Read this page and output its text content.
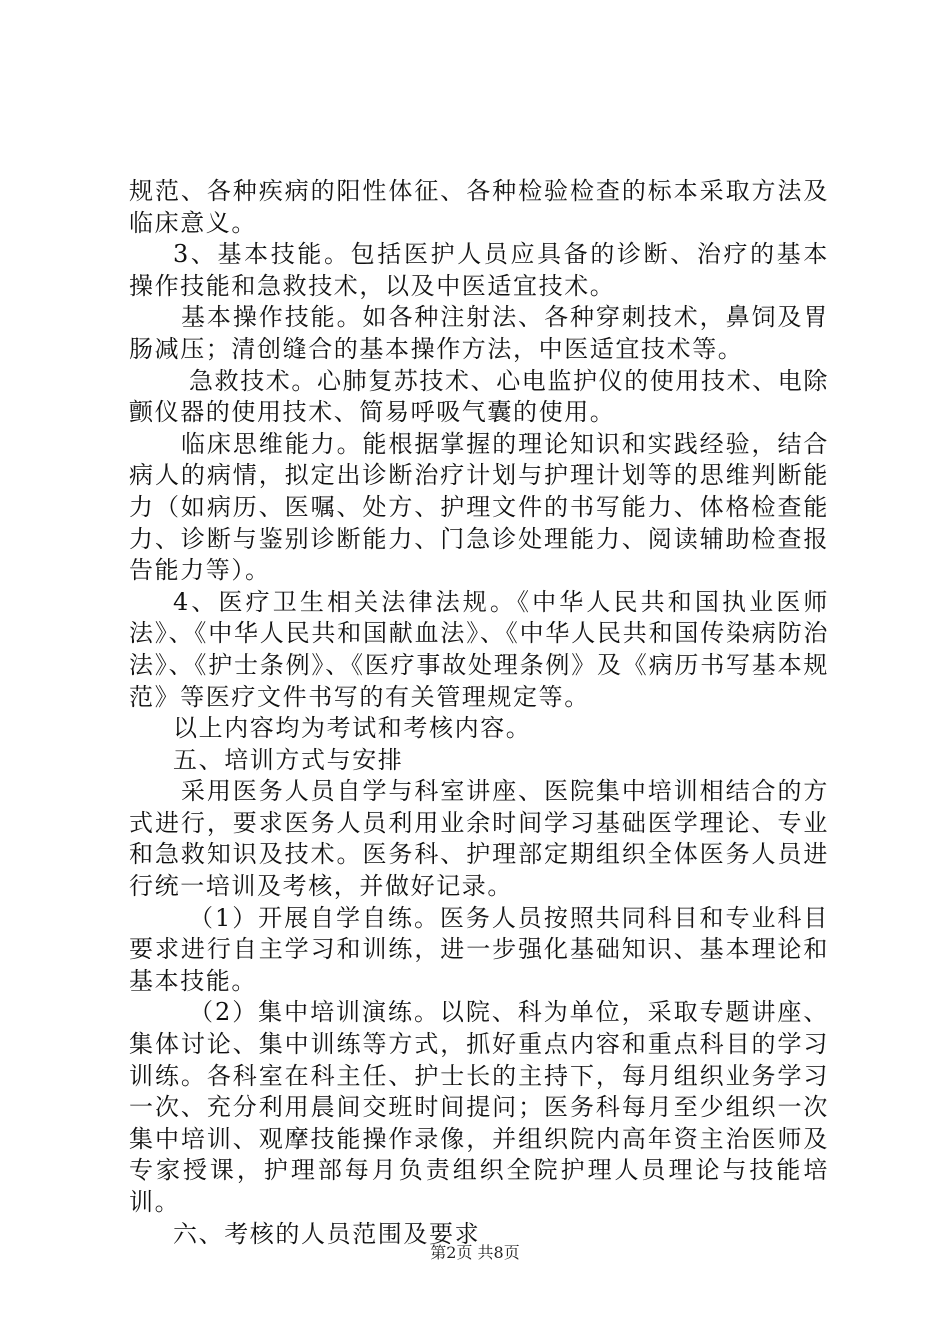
规范、各种疾病的阳性体征、各种检验检查的标本采取方法及临床意义。

3、基本技能。包括医护人员应具备的诊断、治疗的基本操作技能和急救技术，以及中医适宜技术。

基本操作技能。如各种注射法、各种穿刺技术，鼻饲及胃肠减压；清创缝合的基本操作方法，中医适宜技术等。

急救技术。心肺复苏技术、心电监护仪的使用技术、电除颤仪器的使用技术、简易呼吸气囊的使用。

临床思维能力。能根据掌握的理论知识和实践经验，结合病人的病情，拟定出诊断治疗计划与护理计划等的思维判断能力（如病历、医嘱、处方、护理文件的书写能力、体格检查能力、诊断与鉴别诊断能力、门急诊处理能力、阅读辅助检查报告能力等）。

4、医疗卫生相关法律法规。《中华人民共和国执业医师法》、《中华人民共和国献血法》、《中华人民共和国传染病防治法》、《护士条例》、《医疗事故处理条例》及《病历书写基本规范》等医疗文件书写的有关管理规定等。

以上内容均为考试和考核内容。

五、培训方式与安排

采用医务人员自学与科室讲座、医院集中培训相结合的方式进行，要求医务人员利用业余时间学习基础医学理论、专业和急救知识及技术。医务科、护理部定期组织全体医务人员进行统一培训及考核，并做好记录。

（1）开展自学自练。医务人员按照共同科目和专业科目要求进行自主学习和训练，进一步强化基础知识、基本理论和基本技能。

（2）集中培训演练。以院、科为单位，采取专题讲座、集体讨论、集中训练等方式，抓好重点内容和重点科目的学习训练。各科室在科主任、护士长的主持下，每月组织业务学习一次、充分利用晨间交班时间提问；医务科每月至少组织一次集中培训、观摩技能操作录像，并组织院内高年资主治医师及专家授课，护理部每月负责组织全院护理人员理论与技能培训。

六、考核的人员范围及要求

第2页 共8页
